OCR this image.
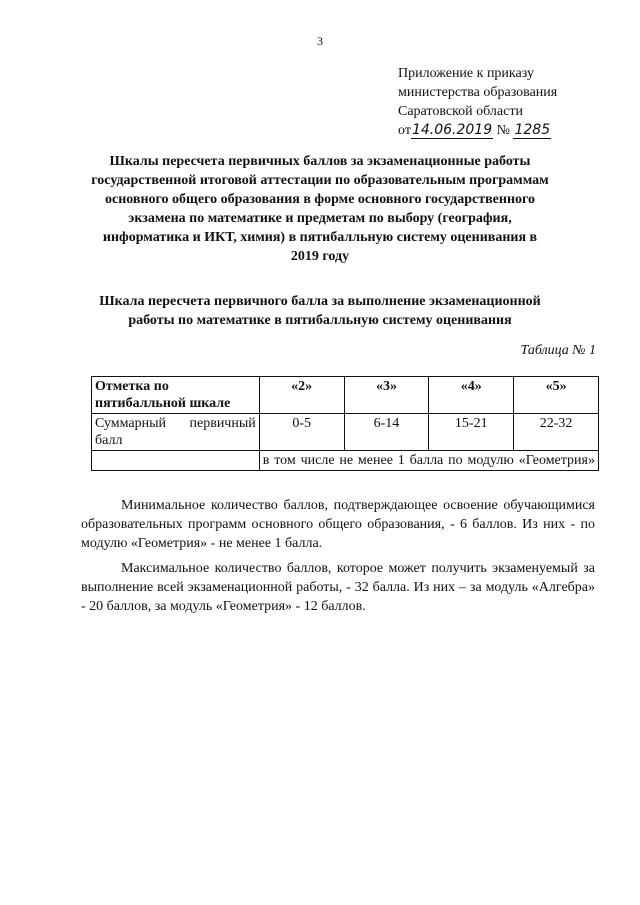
3
Приложение к приказу
министерства образования
Саратовской области
от14.06.2019 № 1285
Шкалы пересчета первичных баллов за экзаменационные работы
государственной итоговой аттестации по образовательным программам
основного общего образования в форме основного государственного
экзамена по математике и предметам по выбору (география,
информатика и ИКТ, химия) в пятибалльную систему оценивания в
2019 году
Шкала пересчета первичного балла за выполнение экзаменационной
работы по математике в пятибалльную систему оценивания
Таблица № 1
Отметка по пятибалльной шкале	«2»	«3»	«4»	«5»
Суммарный первичный балл	0-5	6-14	15-21	22-32
	в том числе не менее 1 балла по модулю «Геометрия»			

Минимальное количество баллов, подтверждающее освоение обучающимися образовательных программ основного общего образования, - 6 баллов. Из них - по модулю «Геометрия» - не менее 1 балла.

Максимальное количество баллов, которое может получить экзаменуемый за выполнение всей экзаменационной работы, - 32 балла. Из них – за модуль «Алгебра» - 20 баллов, за модуль «Геометрия» - 12 баллов.
